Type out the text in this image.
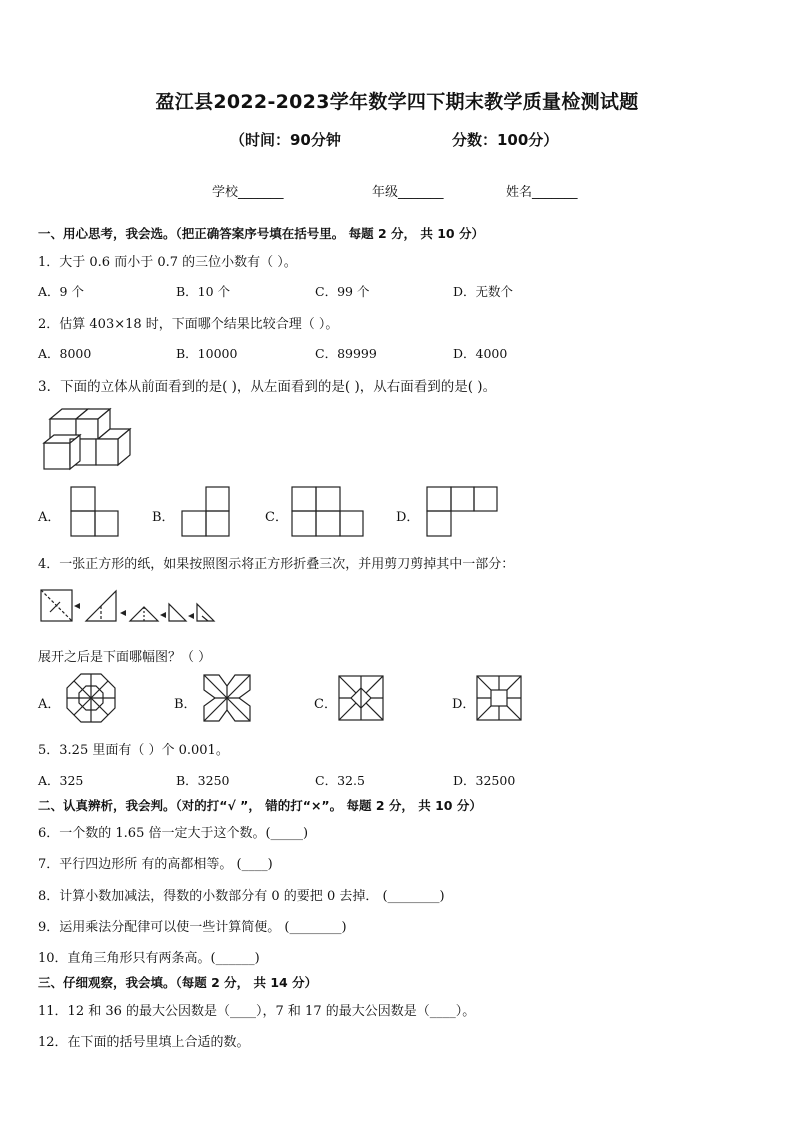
盈江县2022-2023学年数学四下期末教学质量检测试题
（时间：90分钟	分数：100分）
学校_______	年级_______	姓名_______
一、用心思考，我会选。（把正确答案序号填在括号里。 每题 2 分， 共 10 分）
1．大于 0.6 而小于 0.7 的三位小数有（ ）。
A．9 个	B．10 个	C．99 个	D．无数个
2．估算 403×18 时，下面哪个结果比较合理（ ）。
A．8000	B．10000	C．89999	D．4000
3．下面的立体从前面看到的是( )，从左面看到的是( )，从右面看到的是( )。
A．	B．	C．	D．
4．一张正方形的纸，如果按照图示将正方形折叠三次，并用剪刀剪掉其中一部分：
展开之后是下面哪幅图？（ ）
A．	B．	C．	D．
5．3.25 里面有（ ）个 0.001。
A．325	B．3250	C．32.5	D．32500
二、认真辨析，我会判。（对的打“√ ”， 错的打“×”。 每题 2 分， 共 10 分）
6．一个数的 1.65 倍一定大于这个数。(_____)
7．平行四边形所 有的高都相等。 (____)
8．计算小数加减法，得数的小数部分有 0 的要把 0 去掉． (________)
9．运用乘法分配律可以使一些计算简便。 (________)
10．直角三角形只有两条高。(______)
三、仔细观察，我会填。（每题 2 分， 共 14 分）
11．12 和 36 的最大公因数是（____），7 和 17 的最大公因数是（____）。
12．在下面的括号里填上合适的数。
